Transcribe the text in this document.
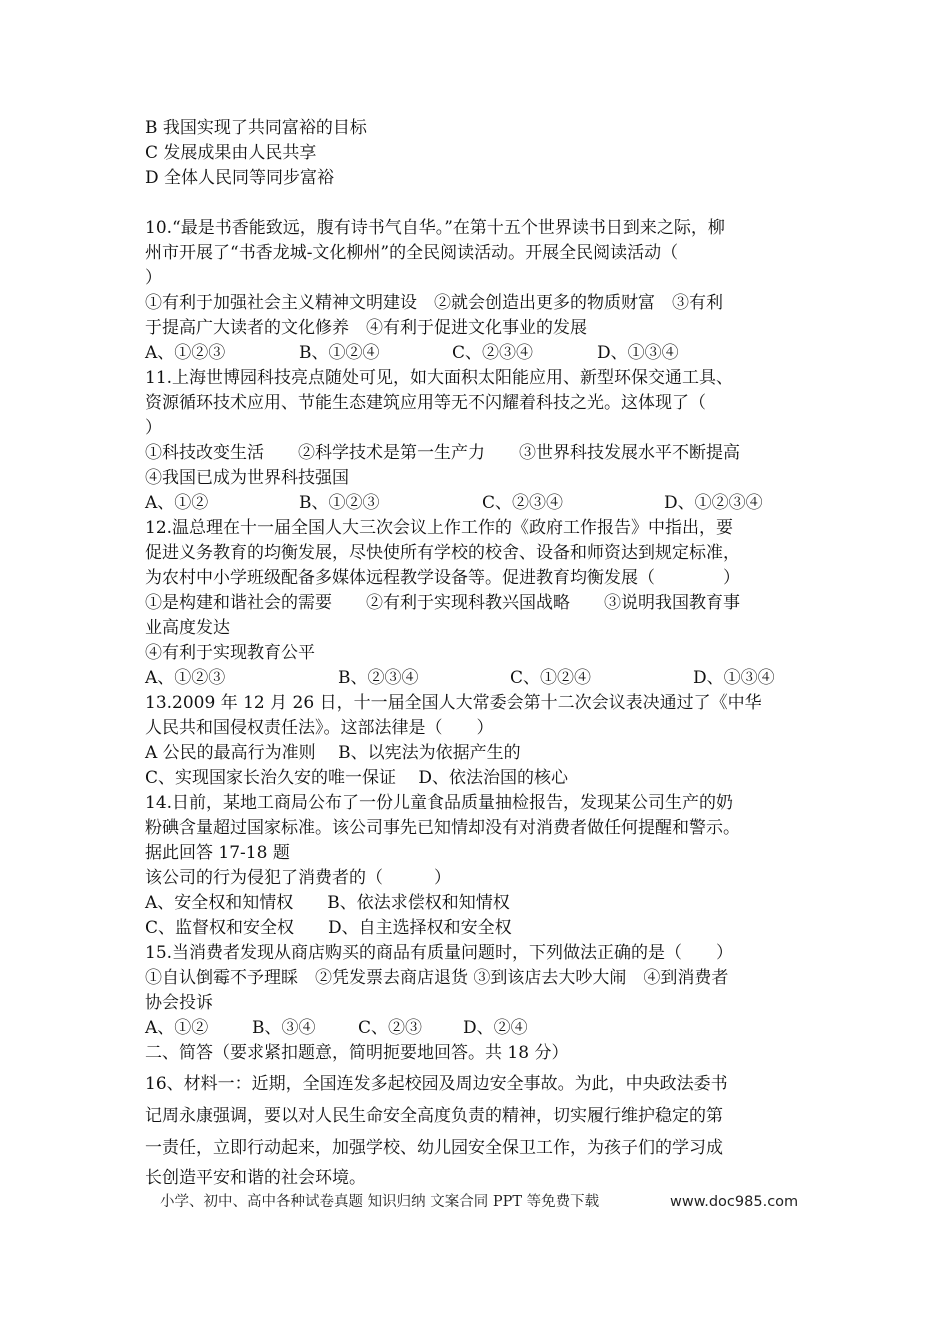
B 我国实现了共同富裕的目标
C 发展成果由人民共享
D 全体人民同等同步富裕
10.“最是书香能致远，腹有诗书气自华。”在第十五个世界读书日到来之际，柳
州市开展了“书香龙城-文化柳州”的全民阅读活动。开展全民阅读活动（
）
①有利于加强社会主义精神文明建设　②就会创造出更多的物质财富　③有利
于提高广大读者的文化修养　④有利于促进文化事业的发展
A、①②③	B、①②④	C、②③④	D、①③④
11.上海世博园科技亮点随处可见，如大面积太阳能应用、新型环保交通工具、
资源循环技术应用、节能生态建筑应用等无不闪耀着科技之光。这体现了（
）
①科技改变生活　　②科学技术是第一生产力　　③世界科技发展水平不断提高
④我国已成为世界科技强国
A、①②	B、①②③	C、②③④	D、①②③④
12.温总理在十一届全国人大三次会议上作工作的《政府工作报告》中指出，要
促进义务教育的均衡发展，尽快使所有学校的校舍、设备和师资达到规定标准，
为农村中小学班级配备多媒体远程教学设备等。促进教育均衡发展（　　　　）
①是构建和谐社会的需要　　②有利于实现科教兴国战略　　③说明我国教育事
业高度发达
④有利于实现教育公平
A、①②③	B、②③④	C、①②④	D、①③④
13.2009 年 12 月 26 日，十一届全国人大常委会第十二次会议表决通过了《中华
人民共和国侵权责任法》。这部法律是（　　）
A 公民的最高行为准则　 B、以宪法为依据产生的
C、实现国家长治久安的唯一保证　 D、依法治国的核心
14.日前，某地工商局公布了一份儿童食品质量抽检报告，发现某公司生产的奶
粉碘含量超过国家标准。该公司事先已知情却没有对消费者做任何提醒和警示。
据此回答 17-18 题
该公司的行为侵犯了消费者的（　　　）
A、安全权和知情权　　B、依法求偿权和知情权
C、监督权和安全权　　D、自主选择权和安全权
15.当消费者发现从商店购买的商品有质量问题时，下列做法正确的是（　　）
①自认倒霉不予理睬　②凭发票去商店退货 ③到该店去大吵大闹　④到消费者
协会投诉
A、①②	B、③④	C、②③ D、②④
二、简答（要求紧扣题意，简明扼要地回答。共 18 分）
16、材料一：近期，全国连发多起校园及周边安全事故。为此，中央政法委书
记周永康强调，要以对人民生命安全高度负责的精神，切实履行维护稳定的第
一责任，立即行动起来，加强学校、幼儿园安全保卫工作，为孩子们的学习成
长创造平安和谐的社会环境。
小学、初中、高中各种试卷真题 知识归纳 文案合同 PPT 等免费下载	www.doc985.com
